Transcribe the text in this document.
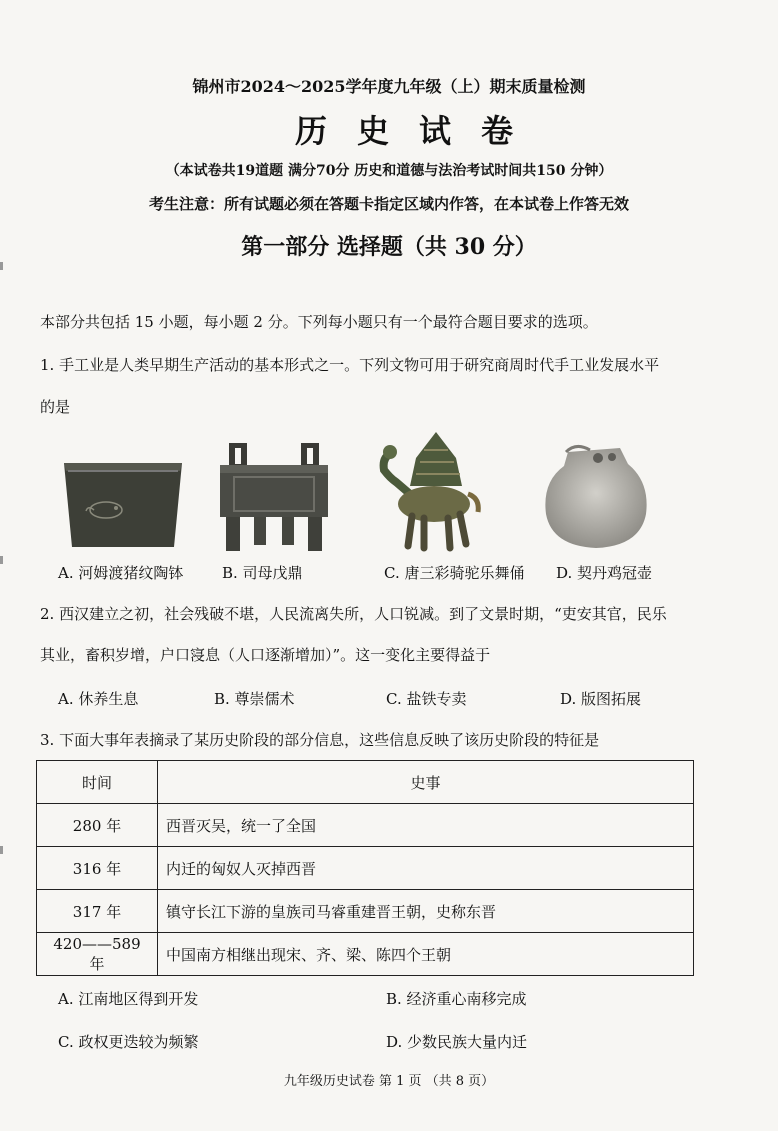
锦州市2024～2025学年度九年级（上）期末质量检测
历史试卷
（本试卷共19道题 满分70分 历史和道德与法治考试时间共150 分钟）
考生注意：所有试题必须在答题卡指定区域内作答，在本试卷上作答无效
第一部分 选择题（共 30 分）
本部分共包括 15 小题，每小题 2 分。下列每小题只有一个最符合题目要求的选项。
1. 手工业是人类早期生产活动的基本形式之一。下列文物可用于研究商周时代手工业发展水平
的是
A. 河姆渡猪纹陶钵	B. 司母戊鼎	C. 唐三彩骑驼乐舞俑 D. 契丹鸡冠壶
2. 西汉建立之初，社会残破不堪，人民流离失所，人口锐减。到了文景时期，“吏安其官，民乐
其业，畜积岁增，户口寖息（人口逐渐增加）”。这一变化主要得益于
A. 休养生息	B. 尊崇儒术	C. 盐铁专卖	D. 版图拓展
3. 下面大事年表摘录了某历史阶段的部分信息，这些信息反映了该历史阶段的特征是
时间	史事
280 年	西晋灭吴，统一了全国
316 年	内迁的匈奴人灭掉西晋
317 年	镇守长江下游的皇族司马睿重建晋王朝，史称东晋
420——589 年	中国南方相继出现宋、齐、梁、陈四个王朝
A. 江南地区得到开发	B. 经济重心南移完成
C. 政权更迭较为频繁	D. 少数民族大量内迁
九年级历史试卷 第 1 页 （共 8 页）
